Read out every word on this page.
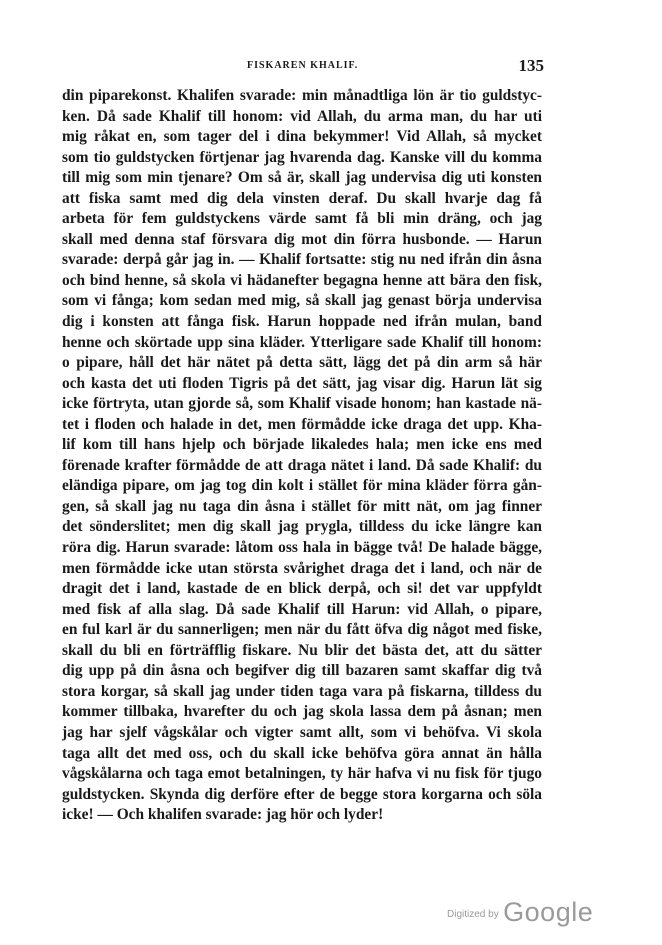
FISKAREN KHALIF.	135
din piparekonst. Khalifen svarade: min månadtliga lön är tio guldstyc-
ken. Då sade Khalif till honom: vid Allah, du arma man, du har uti
mig råkat en, som tager del i dina bekymmer! Vid Allah, så mycket
som tio guldstycken förtjenar jag hvarenda dag. Kanske vill du komma
till mig som min tjenare? Om så är, skall jag undervisa dig uti konsten
att fiska samt med dig dela vinsten deraf. Du skall hvarje dag få
arbeta för fem guldstyckens värde samt få bli min dräng, och jag
skall med denna staf försvara dig mot din förra husbonde. — Harun
svarade: derpå går jag in. — Khalif fortsatte: stig nu ned ifrån din åsna
och bind henne, så skola vi hädanefter begagna henne att bära den fisk,
som vi fånga; kom sedan med mig, så skall jag genast börja undervisa
dig i konsten att fånga fisk. Harun hoppade ned ifrån mulan, band
henne och skörtade upp sina kläder. Ytterligare sade Khalif till honom:
o pipare, håll det här nätet på detta sätt, lägg det på din arm så här
och kasta det uti floden Tigris på det sätt, jag visar dig. Harun lät sig
icke förtryta, utan gjorde så, som Khalif visade honom; han kastade nä-
tet i floden och halade in det, men förmådde icke draga det upp. Kha-
lif kom till hans hjelp och började likaledes hala; men icke ens med
förenade krafter förmådde de att draga nätet i land. Då sade Khalif: du
eländiga pipare, om jag tog din kolt i stället för mina kläder förra gån-
gen, så skall jag nu taga din åsna i stället för mitt nät, om jag finner
det sönderslitet; men dig skall jag prygla, tilldess du icke längre kan
röra dig. Harun svarade: låtom oss hala in bägge två! De halade bägge,
men förmådde icke utan största svårighet draga det i land, och när de
dragit det i land, kastade de en blick derpå, och si! det var uppfyldt
med fisk af alla slag. Då sade Khalif till Harun: vid Allah, o pipare,
en ful karl är du sannerligen; men när du fått öfva dig något med fiske,
skall du bli en förträfflig fiskare. Nu blir det bästa det, att du sätter
dig upp på din åsna och begifver dig till bazaren samt skaffar dig två
stora korgar, så skall jag under tiden taga vara på fiskarna, tilldess du
kommer tillbaka, hvarefter du och jag skola lassa dem på åsnan; men
jag har sjelf vågskålar och vigter samt allt, som vi behöfva. Vi skola
taga allt det med oss, och du skall icke behöfva göra annat än hålla
vågskålarna och taga emot betalningen, ty här hafva vi nu fisk för tjugo
guldstycken. Skynda dig derföre efter de begge stora korgarna och söla
icke! — Och khalifen svarade: jag hör och lyder!
$^{Digitized by}$ Google
